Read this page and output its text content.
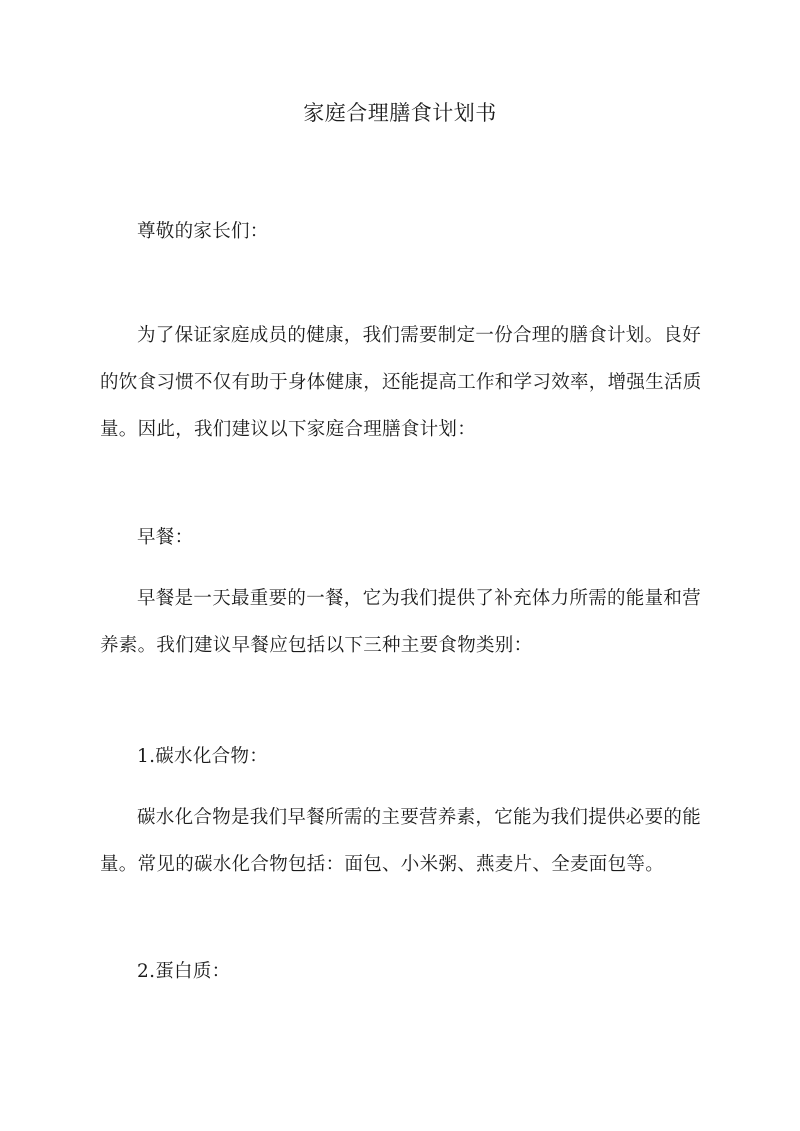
家庭合理膳食计划书

尊敬的家长们：

为了保证家庭成员的健康，我们需要制定一份合理的膳食计划。良好
的饮食习惯不仅有助于身体健康，还能提高工作和学习效率，增强生活质
量。因此，我们建议以下家庭合理膳食计划：

早餐：

早餐是一天最重要的一餐，它为我们提供了补充体力所需的能量和营
养素。我们建议早餐应包括以下三种主要食物类别：

1.碳水化合物：

碳水化合物是我们早餐所需的主要营养素，它能为我们提供必要的能
量。常见的碳水化合物包括：面包、小米粥、燕麦片、全麦面包等。

2.蛋白质：
